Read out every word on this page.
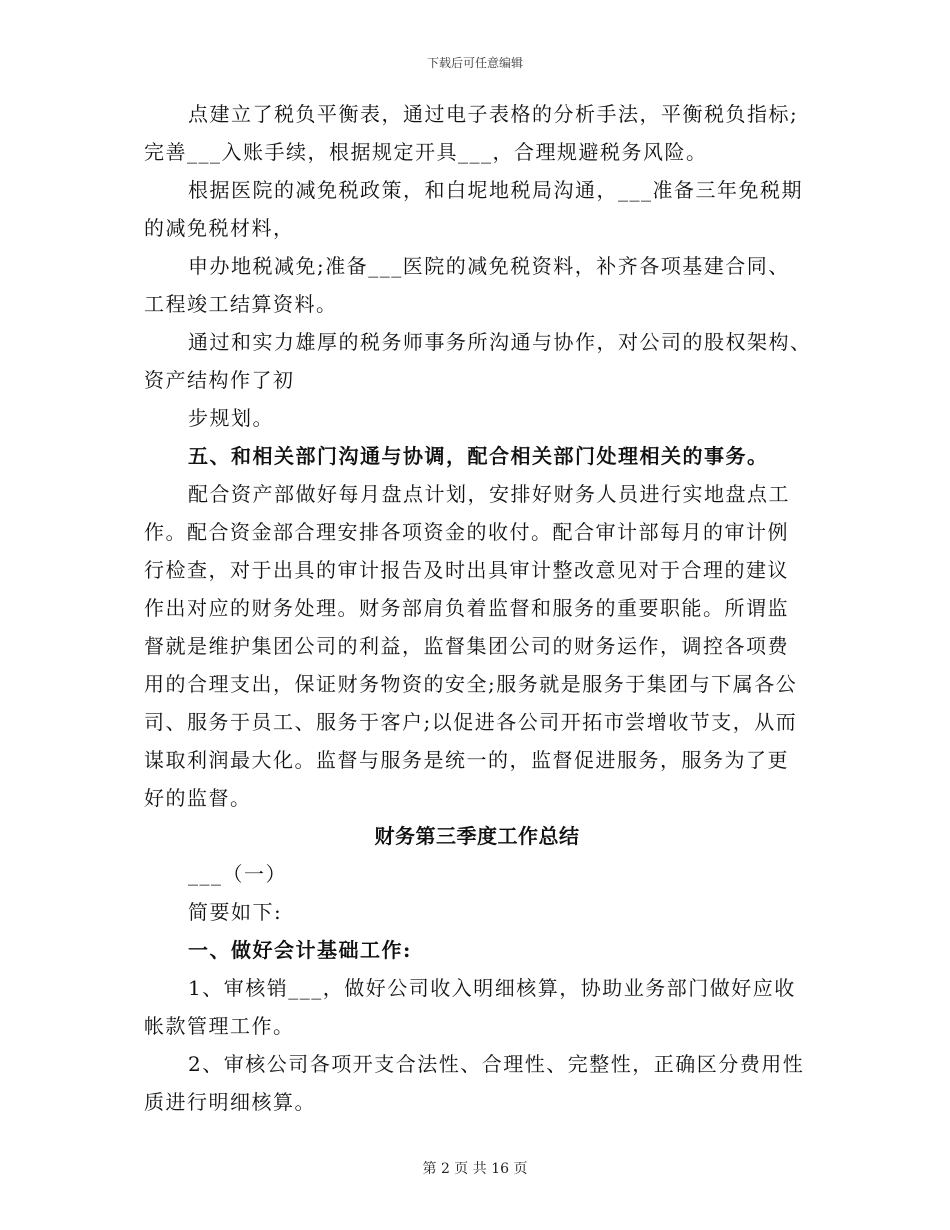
下载后可任意编辑
点建立了税负平衡表，通过电子表格的分析手法，平衡税负指标;
完善___入账手续，根据规定开具___，合理规避税务风险。
根据医院的减免税政策，和白坭地税局沟通，___准备三年免税期
的减免税材料，
申办地税减免;准备___医院的减免税资料，补齐各项基建合同、
工程竣工结算资料。
通过和实力雄厚的税务师事务所沟通与协作，对公司的股权架构、
资产结构作了初
步规划。
五、和相关部门沟通与协调，配合相关部门处理相关的事务。
配合资产部做好每月盘点计划，安排好财务人员进行实地盘点工
作。配合资金部合理安排各项资金的收付。配合审计部每月的审计例
行检查，对于出具的审计报告及时出具审计整改意见对于合理的建议
作出对应的财务处理。财务部肩负着监督和服务的重要职能。所谓监
督就是维护集团公司的利益，监督集团公司的财务运作，调控各项费
用的合理支出，保证财务物资的安全;服务就是服务于集团与下属各公
司、服务于员工、服务于客户;以促进各公司开拓市尝增收节支，从而
谋取利润最大化。监督与服务是统一的，监督促进服务，服务为了更
好的监督。
财务第三季度工作总结
___（一）
简要如下:
一、做好会计基础工作:
1、审核销___，做好公司收入明细核算，协助业务部门做好应收
帐款管理工作。
2、审核公司各项开支合法性、合理性、完整性，正确区分费用性
质进行明细核算。
第 2 页 共 16 页
